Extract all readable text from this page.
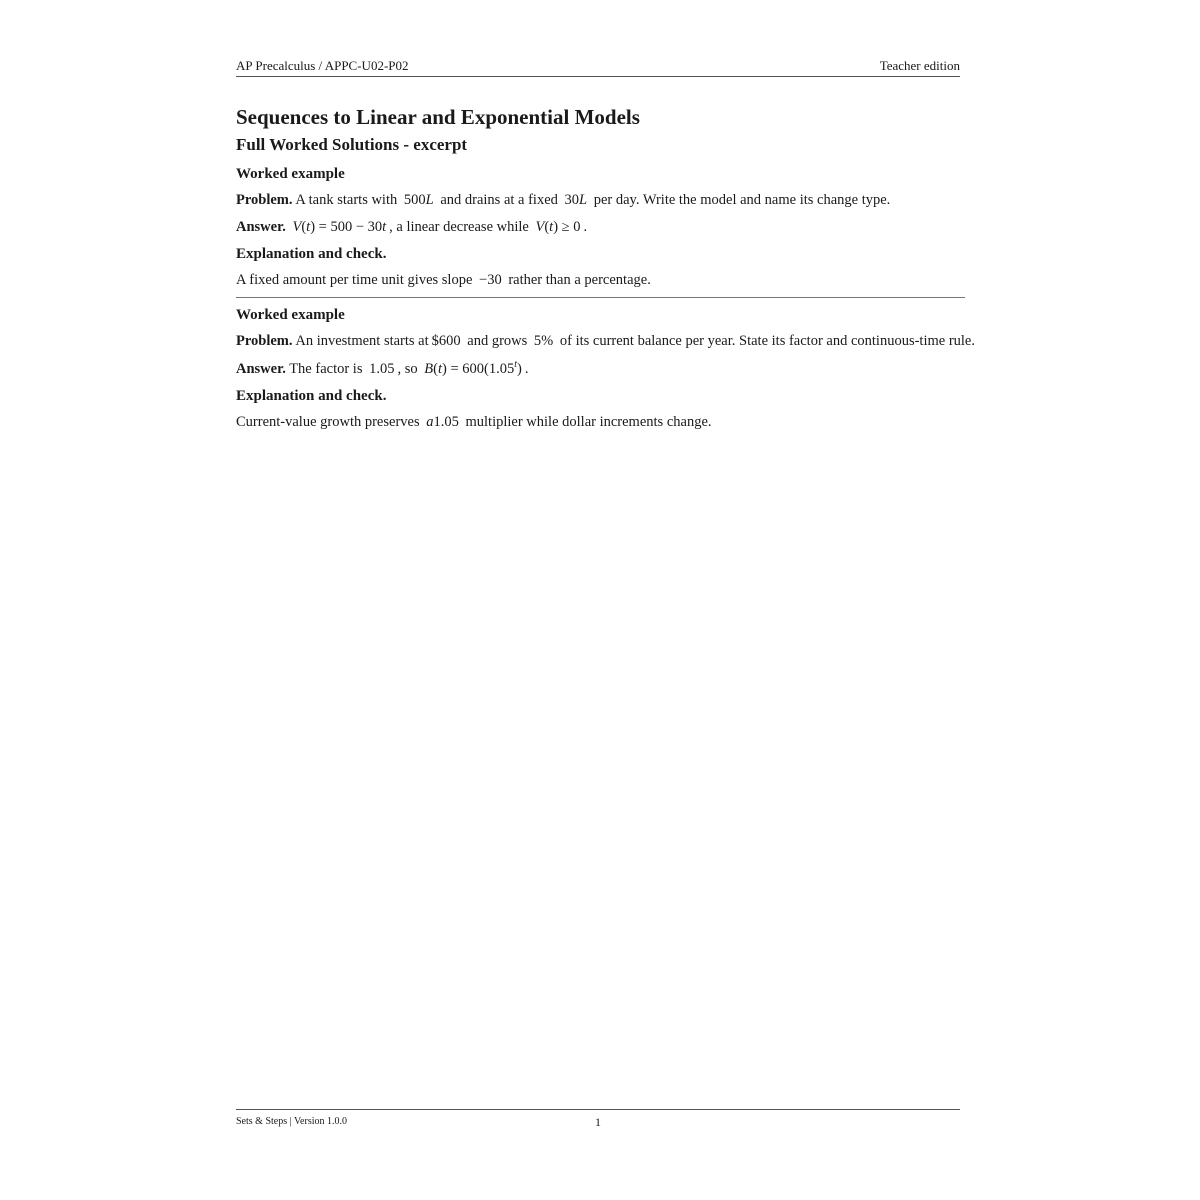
AP Precalculus / APPC-U02-P02	Teacher edition
Sequences to Linear and Exponential Models
Full Worked Solutions - excerpt
Worked example

Problem. A tank starts with 500L and drains at a fixed 30L per day. Write the model and name its change type.

Answer. V(t) = 500 − 30t , a linear decrease while V(t) ≥ 0 .

Explanation and check.

A fixed amount per time unit gives slope −30 rather than a percentage.

Worked example

Problem. An investment starts at $600 and grows 5% of its current balance per year. State its factor and continuous-time rule.

Answer. The factor is 1.05 , so $B(t) = 600(1.05^t)$ .

Explanation and check.

Current-value growth preserves a1.05 multiplier while dollar increments change.

Sets & Steps | Version 1.0.0	1
